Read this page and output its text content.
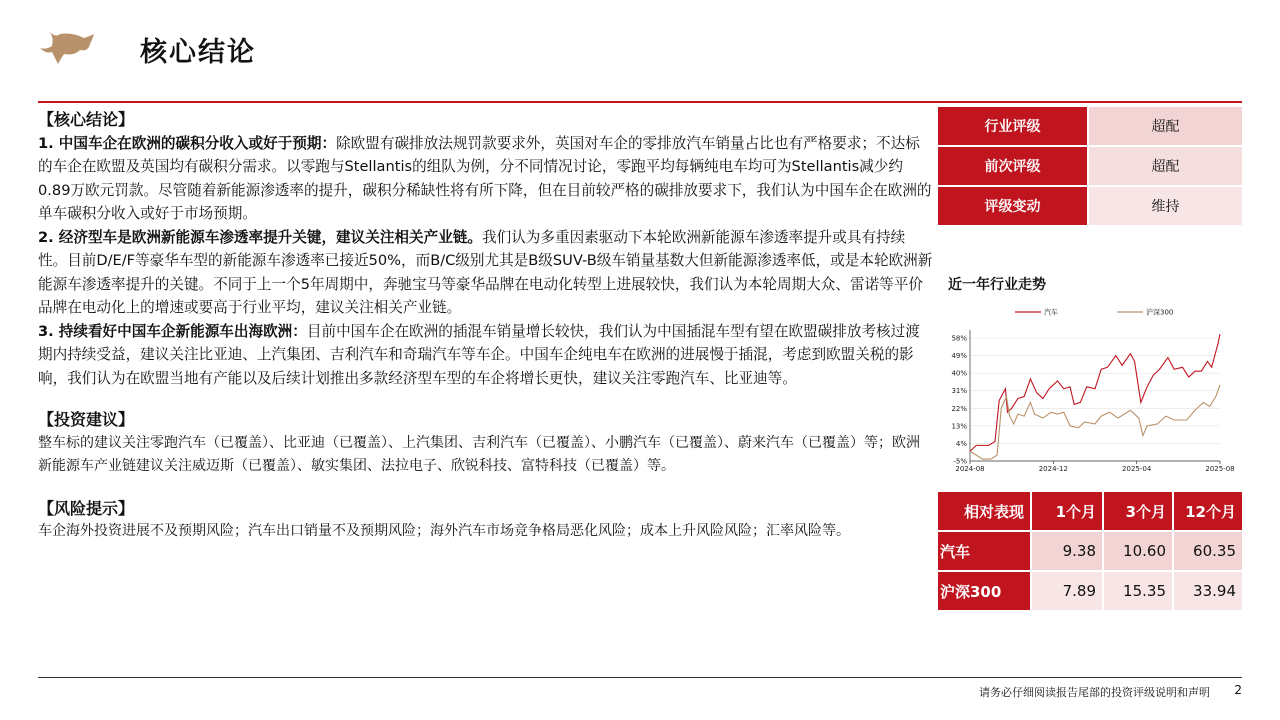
核心结论
【核心结论】
1. 中国车企在欧洲的碳积分收入或好于预期：除欧盟有碳排放法规罚款要求外，英国对车企的零排放汽车销量占比也有严格要求；不达标的车企在欧盟及英国均有碳积分需求。以零跑与Stellantis的组队为例，分不同情况讨论，零跑平均每辆纯电车均可为Stellantis减少约0.89万欧元罚款。尽管随着新能源渗透率的提升，碳积分稀缺性将有所下降，但在目前较严格的碳排放要求下，我们认为中国车企在欧洲的单车碳积分收入或好于市场预期。
2. 经济型车是欧洲新能源车渗透率提升关键，建议关注相关产业链。我们认为多重因素驱动下本轮欧洲新能源车渗透率提升或具有持续性。目前D/E/F等豪华车型的新能源车渗透率已接近50%，而B/C级别尤其是B级SUV-B级车销量基数大但新能源渗透率低，或是本轮欧洲新能源车渗透率提升的关键。不同于上一个5年周期中，奔驰宝马等豪华品牌在电动化转型上进展较快，我们认为本轮周期大众、雷诺等平价品牌在电动化上的增速或要高于行业平均，建议关注相关产业链。
3. 持续看好中国车企新能源车出海欧洲：目前中国车企在欧洲的插混车销量增长较快，我们认为中国插混车型有望在欧盟碳排放考核过渡期内持续受益，建议关注比亚迪、上汽集团、吉利汽车和奇瑞汽车等车企。中国车企纯电车在欧洲的进展慢于插混，考虑到欧盟关税的影响，我们认为在欧盟当地有产能以及后续计划推出多款经济型车型的车企将增长更快，建议关注零跑汽车、比亚迪等。
【投资建议】
整车标的建议关注零跑汽车（已覆盖）、比亚迪（已覆盖）、上汽集团、吉利汽车（已覆盖）、小鹏汽车（已覆盖）、蔚来汽车（已覆盖）等；欧洲新能源车产业链建议关注威迈斯（已覆盖）、敏实集团、法拉电子、欣锐科技、富特科技（已覆盖）等。
【风险提示】
车企海外投资进展不及预期风险；汽车出口销量不及预期风险；海外汽车市场竞争格局恶化风险；成本上升风险风险；汇率风险等。
行业评级	超配
前次评级	超配
评级变动	维持
近一年行业走势
-5%
4%
13%
22%
31%
40%
49%
58%
2024-08	2024-12	2025-04	2025-08
汽车	沪深300
相对表现	1个月	3个月	12个月
汽车	9.38	10.60	60.35
沪深300	7.89	15.35	33.94
请务必仔细阅读报告尾部的投资评级说明和声明 2
